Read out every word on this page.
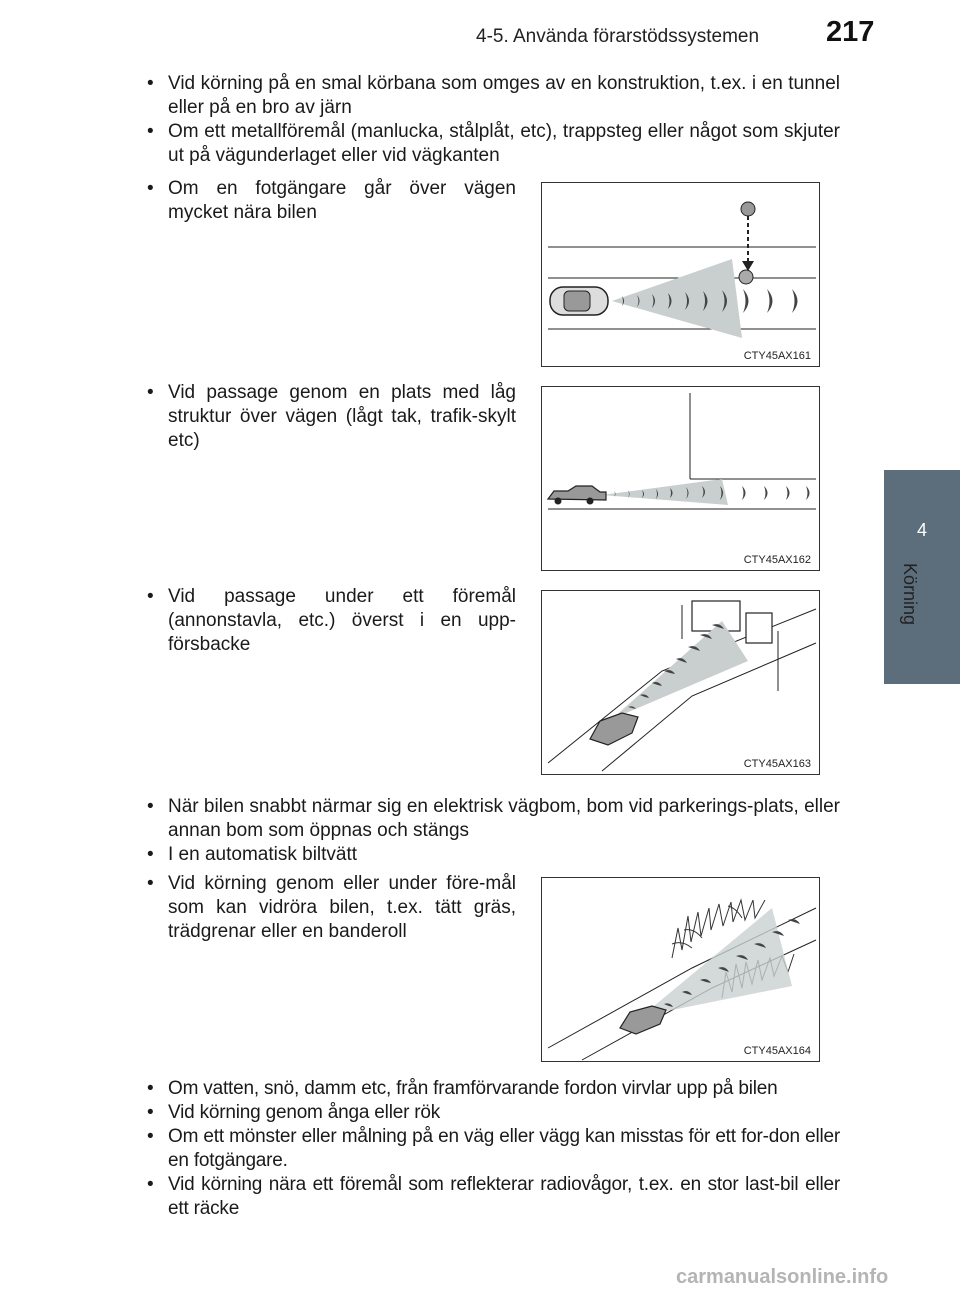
4-5. Använda förarstödssystemen 217
4
Körning
• Vid körning på en smal körbana som omges av en konstruktion, t.ex. i en tunnel eller på en bro av järn
• Om ett metallföremål (manlucka, stålplåt, etc), trappsteg eller något som skjuter ut på vägunderlaget eller vid vägkanten
• Om en fotgängare går över vägen mycket nära bilen
CTY45AX161
• Vid passage genom en plats med låg struktur över vägen (lågt tak, trafik-skylt etc)
CTY45AX162
• Vid passage under ett föremål (annonstavla, etc.) överst i en upp-försbacke
CTY45AX163
• När bilen snabbt närmar sig en elektrisk vägbom, bom vid parkerings-plats, eller annan bom som öppnas och stängs
• I en automatisk biltvätt
• Vid körning genom eller under före-mål som kan vidröra bilen, t.ex. tätt gräs, trädgrenar eller en banderoll
CTY45AX164
• Om vatten, snö, damm etc, från framförvarande fordon virvlar upp på bilen
• Vid körning genom ånga eller rök
• Om ett mönster eller målning på en väg eller vägg kan misstas för ett for-don eller en fotgängare.
• Vid körning nära ett föremål som reflekterar radiovågor, t.ex. en stor last-bil eller ett räcke
carmanualsonline.info
